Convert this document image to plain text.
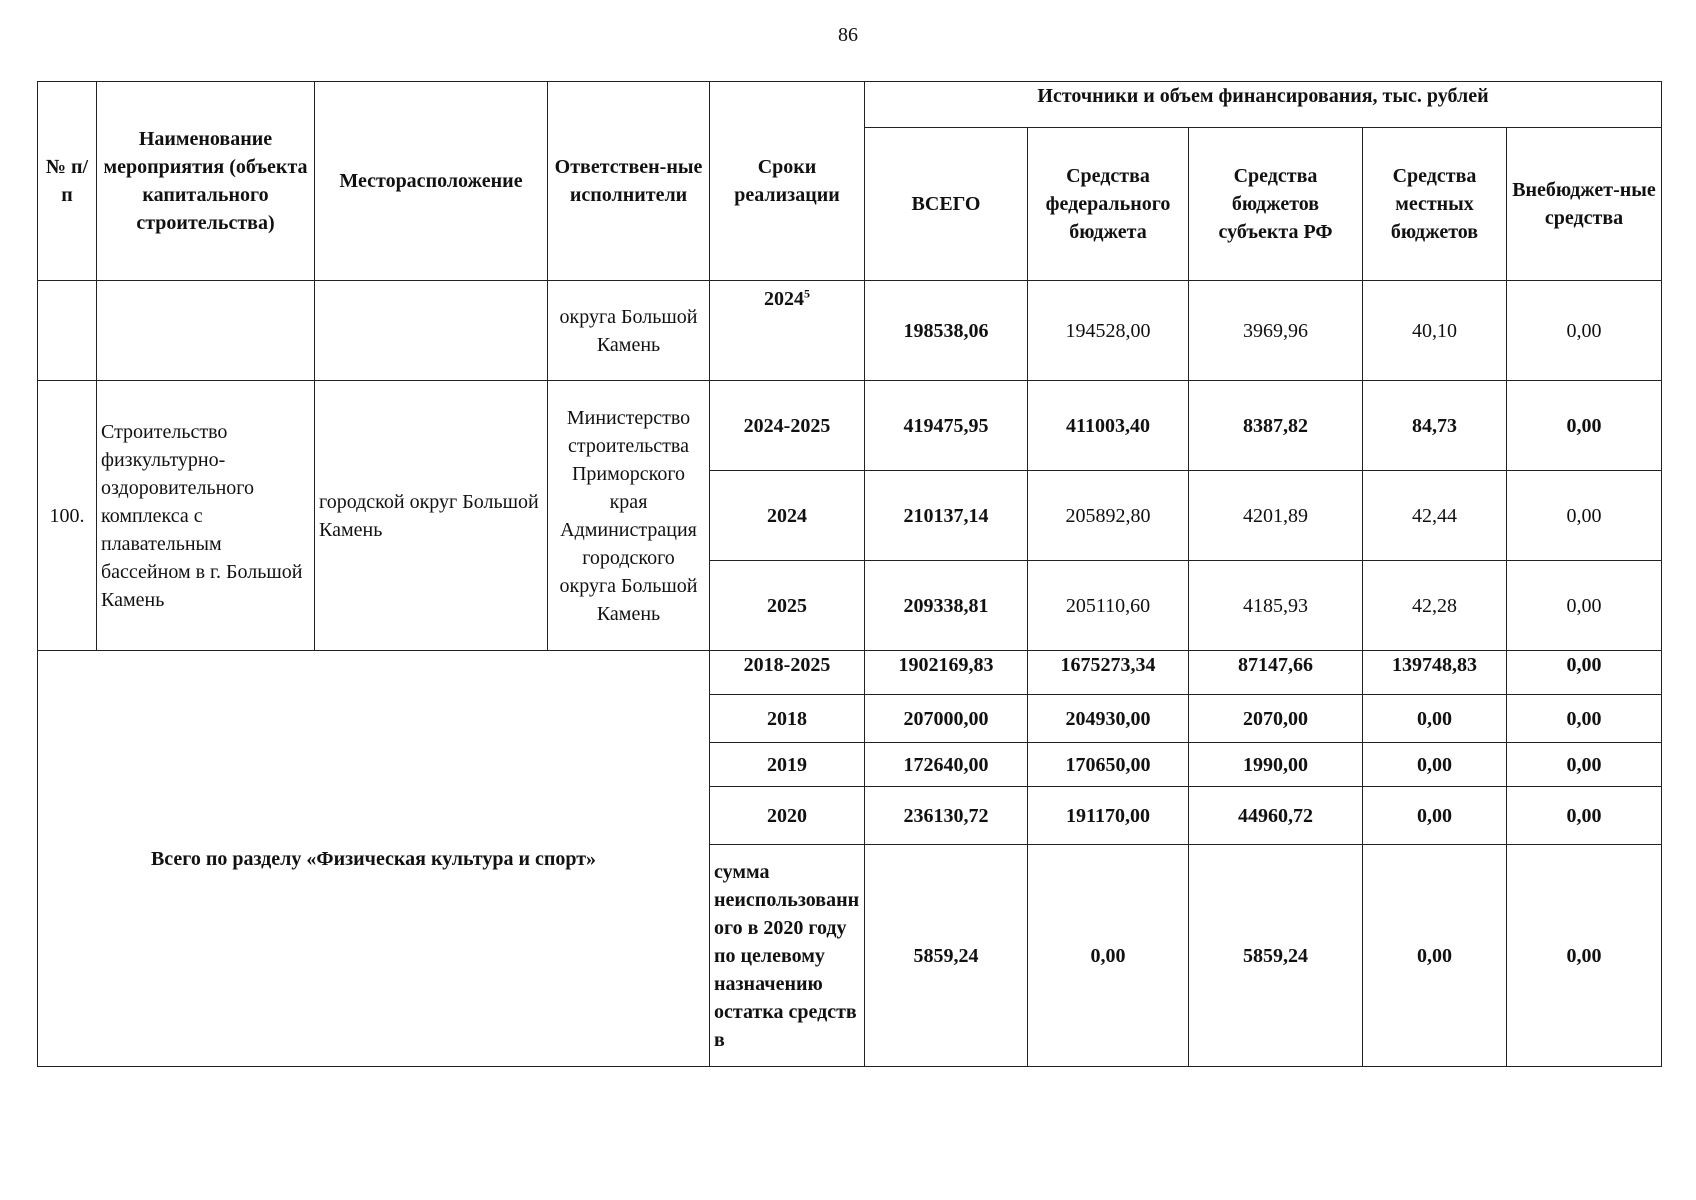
86
№ п/п	Наименование мероприятия (объекта капитального строительства)	Месторасположение	Ответствен-ные исполнители	Сроки реализации	Источники и объем финансирования, тыс. рублей				
					ВСЕГО	Средства федерального бюджета	Средства бюджетов субъекта РФ	Средства местных бюджетов	Внебюджет-ные средства
			округа Большой Камень	2024$^5$	198538,06	194528,00	3969,96	40,10	0,00
100.	Строительство физкультурно-оздоровительного комплекса с плавательным бассейном в г. Большой Камень	городской округ Большой Камень	Министерство строительства Приморского края Администрация городского округа Большой Камень	2024-2025	419475,95	411003,40	8387,82	84,73	0,00
				2024	210137,14	205892,80	4201,89	42,44	0,00
				2025	209338,81	205110,60	4185,93	42,28	0,00
Всего по разделу «Физическая культура и спорт»				2018-2025	1902169,83	1675273,34	87147,66	139748,83	0,00
				2018	207000,00	204930,00	2070,00	0,00	0,00
				2019	172640,00	170650,00	1990,00	0,00	0,00
				2020	236130,72	191170,00	44960,72	0,00	0,00
				сумма неиспользованного в 2020 году по целевому назначению остатка средств в	5859,24	0,00	5859,24	0,00	0,00
